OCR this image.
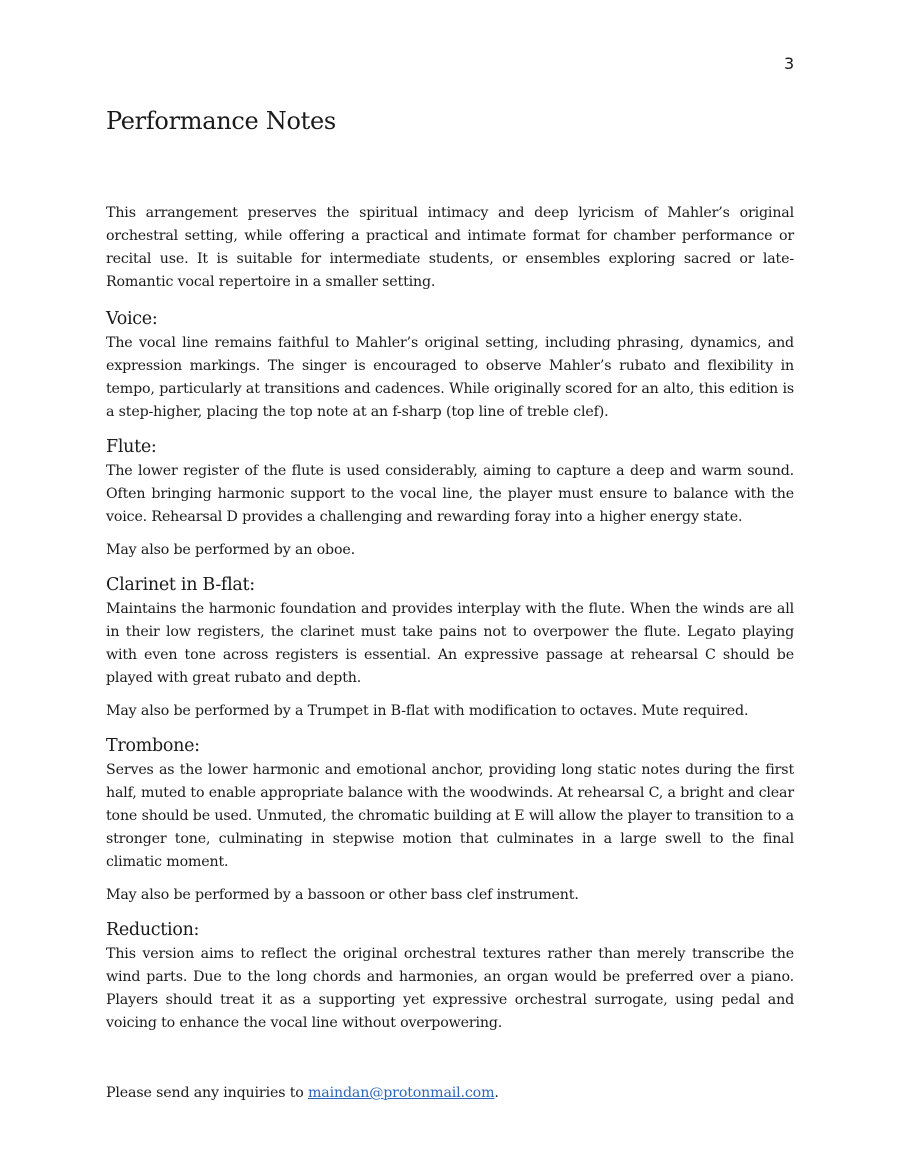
3
Performance Notes

This arrangement preserves the spiritual intimacy and deep lyricism of Mahler’s original orchestral setting, while offering a practical and intimate format for chamber performance or recital use. It is suitable for intermediate students, or ensembles exploring sacred or late-Romantic vocal repertoire in a smaller setting.

Voice:

The vocal line remains faithful to Mahler’s original setting, including phrasing, dynamics, and expression markings. The singer is encouraged to observe Mahler’s rubato and flexibility in tempo, particularly at transitions and cadences. While originally scored for an alto, this edition is a step-higher, placing the top note at an f-sharp (top line of treble clef).

Flute:

The lower register of the flute is used considerably, aiming to capture a deep and warm sound. Often bringing harmonic support to the vocal line, the player must ensure to balance with the voice. Rehearsal D provides a challenging and rewarding foray into a higher energy state.

May also be performed by an oboe.

Clarinet in B-flat:

Maintains the harmonic foundation and provides interplay with the flute. When the winds are all in their low registers, the clarinet must take pains not to overpower the flute. Legato playing with even tone across registers is essential. An expressive passage at rehearsal C should be played with great rubato and depth.

May also be performed by a Trumpet in B-flat with modification to octaves. Mute required.

Trombone:

Serves as the lower harmonic and emotional anchor, providing long static notes during the first half, muted to enable appropriate balance with the woodwinds. At rehearsal C, a bright and clear tone should be used. Unmuted, the chromatic building at E will allow the player to transition to a stronger tone, culminating in stepwise motion that culminates in a large swell to the final climatic moment.

May also be performed by a bassoon or other bass clef instrument.

Reduction:

This version aims to reflect the original orchestral textures rather than merely transcribe the wind parts. Due to the long chords and harmonies, an organ would be preferred over a piano. Players should treat it as a supporting yet expressive orchestral surrogate, using pedal and voicing to enhance the vocal line without overpowering.

Please send any inquiries to maindan@protonmail.com.
